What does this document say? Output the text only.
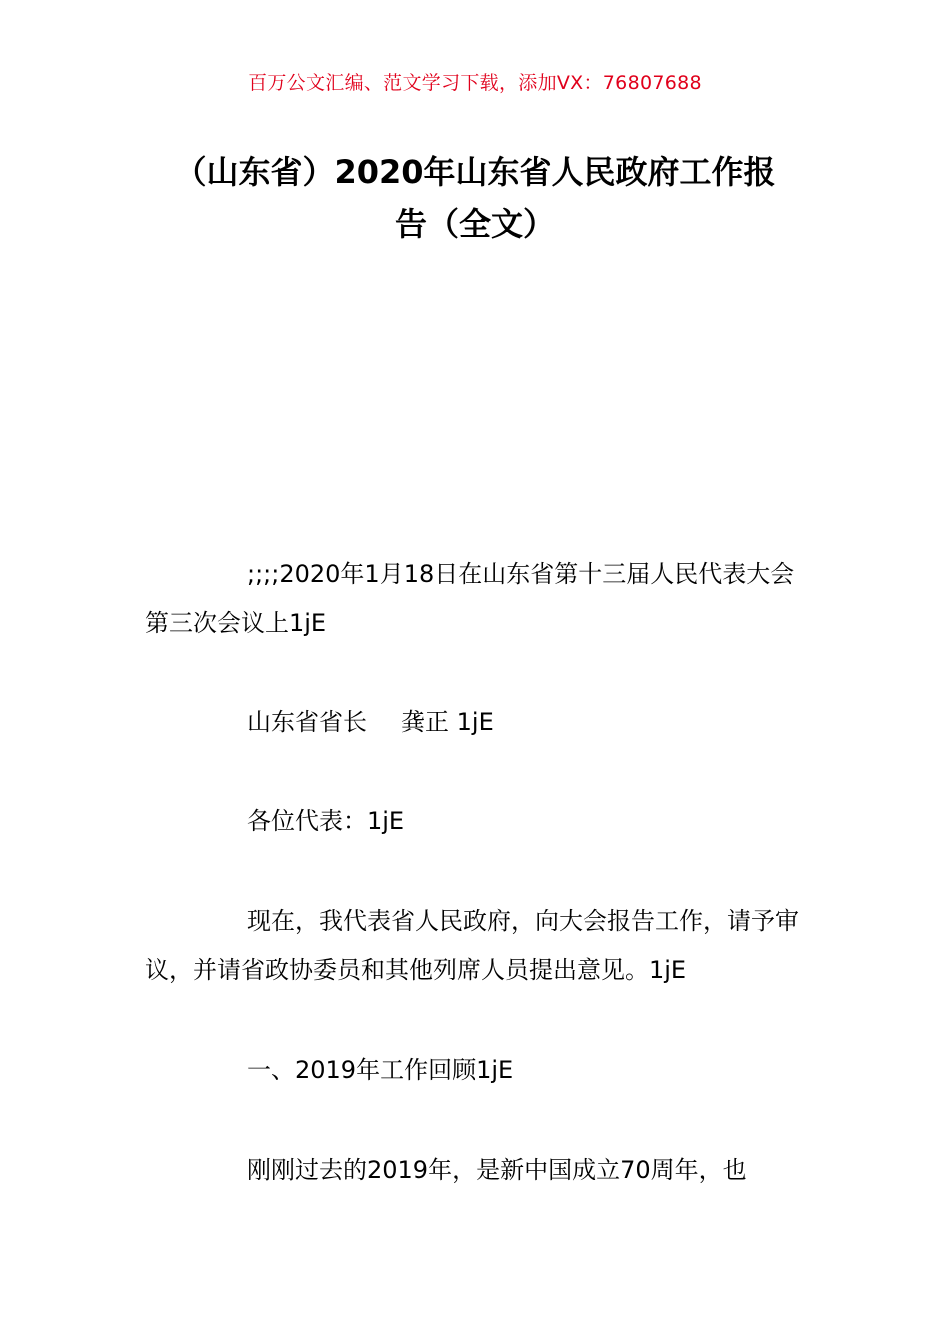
百万公文汇编、范文学习下载，添加VX：76807688
（山东省）2020年山东省人民政府工作报
告（全文）

;;;;2020年1月18日在山东省第十三届人民代表大会第三次会议上1jE

山东省省长 龚正 1jE

各位代表：1jE

现在，我代表省人民政府，向大会报告工作，请予审议，并请省政协委员和其他列席人员提出意见。1jE

一、2019年工作回顾1jE

刚刚过去的2019年，是新中国成立70周年，也
